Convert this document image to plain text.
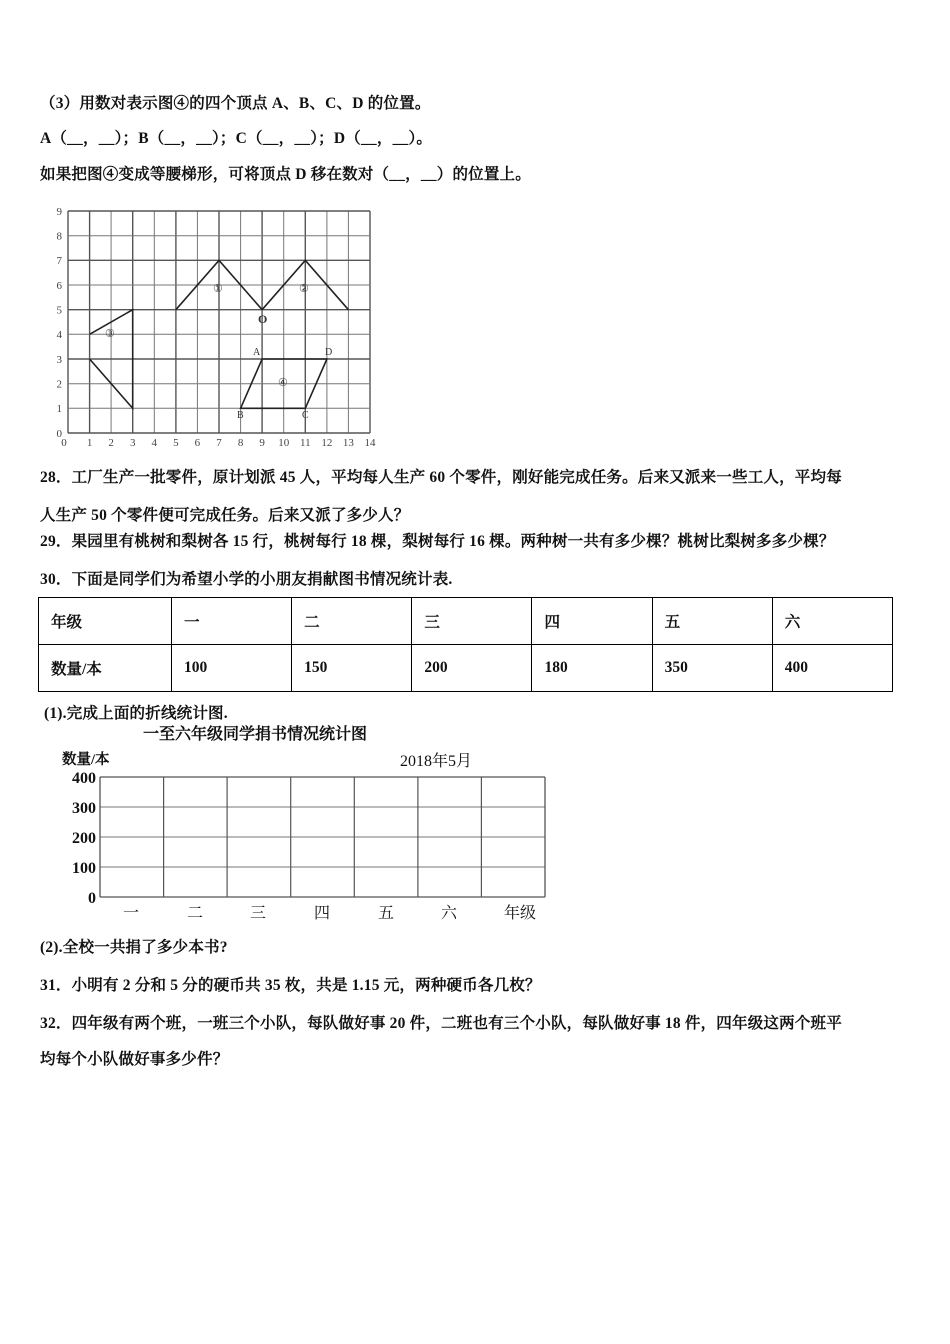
（3）用数对表示图④的四个顶点 A、B、C、D 的位置。
A（__，__）；B（__，__）；C（__，__）；D（__，__）。
如果把图④变成等腰梯形，可将顶点 D 移在数对（__，__）的位置上。
①	②
③
④
O
A
B	C
D
0 1 2 3 4 5 6 7 8 9 10 11 12 13 14
0
1
2
3
4
5
6
7
8
9
28．工厂生产一批零件，原计划派 45 人，平均每人生产 60 个零件，刚好能完成任务。后来又派来一些工人，平均每
人生产 50 个零件便可完成任务。后来又派了多少人？
29．果园里有桃树和梨树各 15 行，桃树每行 18 棵，梨树每行 16 棵。两种树一共有多少棵？桃树比梨树多多少棵？
30．下面是同学们为希望小学的小朋友捐献图书情况统计表.
年级	一	二	三	四	五	六
数量/本	100	150	200	180	350	400
(1).完成上面的折线统计图.
一至六年级同学捐书情况统计图
数量/本	2018年5月
400
300
200
100
0
一	二	三	四	五	六	年级
(2).全校一共捐了多少本书?
31．小明有 2 分和 5 分的硬币共 35 枚，共是 1.15 元，两种硬币各几枚？
32．四年级有两个班，一班三个小队，每队做好事 20 件，二班也有三个小队，每队做好事 18 件，四年级这两个班平
均每个小队做好事多少件？
